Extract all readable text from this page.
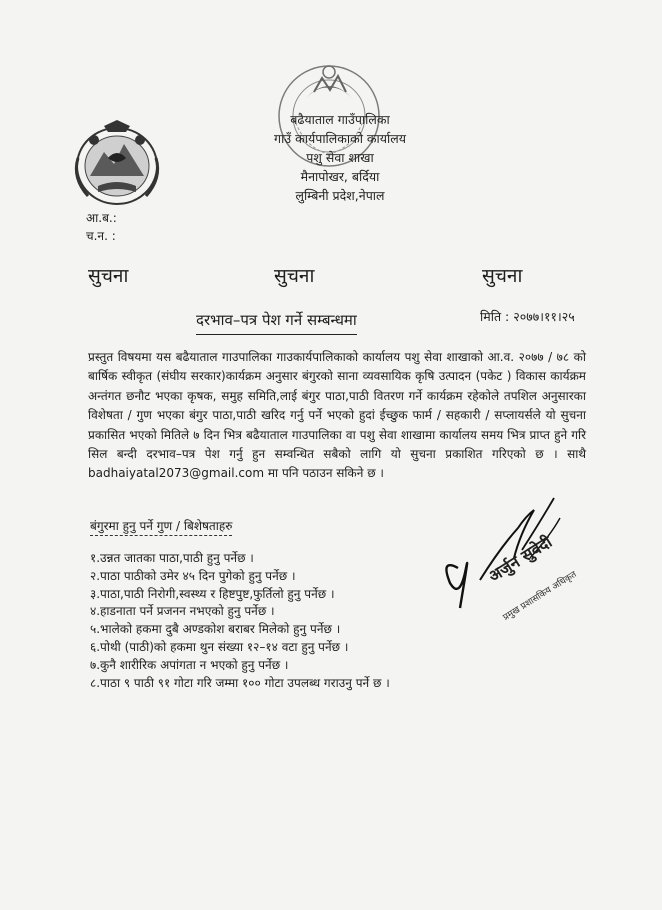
बढैयाताल गाउँपालिका
गाउँ कार्यपालिकाको कार्यालय
पशु सेवा शाखा
मैनापोखर, बर्दिया
लुम्बिनी प्रदेश,नेपाल
आ.ब.:
च.न. :
सुचना	सुचना	सुचना
दरभाव–पत्र पेश गर्ने सम्बन्धमा	मिति : २०७७।११।२५
प्रस्तुत विषयमा यस बढैयाताल गाउपालिका गाउकार्यपालिकाको कार्यालय पशु सेवा शाखाको आ.व. २०७७ / ७८ को बार्षिक स्वीकृत (संघीय सरकार)कार्यक्रम अनुसार बंगुरको साना व्यवसायिक कृषि उत्पादन (पकेट ) विकास कार्यक्रम अन्तंगत छनौट भएका कृषक, समुह समिति,लाई बंगुर पाठा,पाठी वितरण गर्ने कार्यक्रम रहेकोले तपशिल अनुसारका विशेषता / गुण भएका बंगुर पाठा,पाठी खरिद गर्नु पर्ने भएको हुदां ईच्छुक फार्म / सहकारी / सप्लायर्सले यो सुचना प्रकासित भएको मितिले ७ दिन भित्र बढैयाताल गाउपालिका वा पशु सेवा शाखामा कार्यालय समय भित्र प्राप्त हुने गरि सिल बन्दी दरभाव–पत्र पेश गर्नु हुन सम्वन्धित सबैको लागि यो सुचना प्रकाशित गरिएको छ । साथै badhaiyatal2073@gmail.com मा पनि पठाउन सकिने छ ।
बंगुरमा हुनु पर्ने गुण / बिशेषताहरु
१.उन्नत जातका पाठा,पाठी हुनु पर्नेछ ।
२.पाठा पाठीको उमेर ४५ दिन पुगेको हुनु पर्नेछ ।
३.पाठा,पाठी निरोगी,स्वस्थ्य र हिष्टपुष्ट,फुर्तिलो हुनु पर्नेछ ।
४.हाडनाता पर्ने प्रजनन नभएको हुनु पर्नेछ ।
५.भालेको हकमा दुबै अण्डकोश बराबर मिलेको हुनु पर्नेछ ।
६.पोथी (पाठी)को हकमा थुन संख्या १२–१४ वटा हुनु पर्नेछ ।
७.कुनै शारीरिक अपांगता न भएको हुनु पर्नेछ ।
८.पाठा ९ पाठी ९१ गोटा गरि जम्मा १०० गोटा उपलब्ध गराउनु पर्ने छ ।
अर्जुन सुवेदी
प्रमुख प्रशासकिय अधिकृत
